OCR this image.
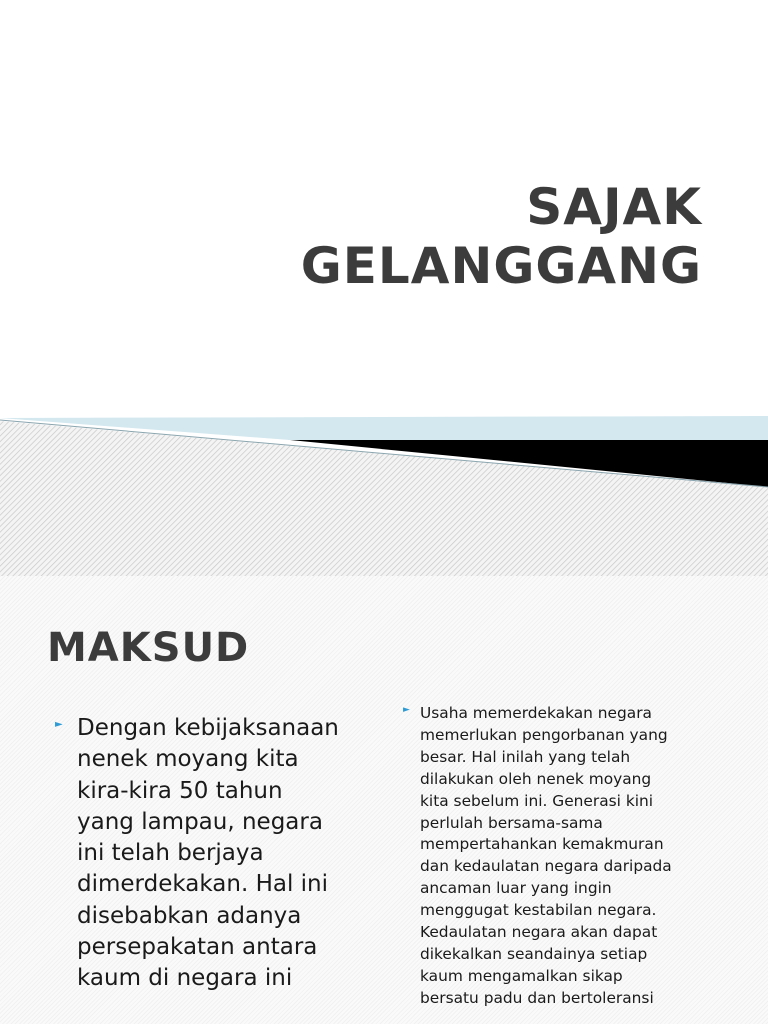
SAJAK
GELANGGANG
MAKSUD
► Dengan kebijaksanaan
nenek moyang kita
kira-kira 50 tahun
yang lampau, negara
ini telah berjaya
dimerdekakan. Hal ini
disebabkan adanya
persepakatan antara
kaum di negara ini
► Usaha memerdekakan negara
memerlukan pengorbanan yang
besar. Hal inilah yang telah
dilakukan oleh nenek moyang
kita sebelum ini. Generasi kini
perlulah bersama-sama
mempertahankan kemakmuran
dan kedaulatan negara daripada
ancaman luar yang ingin
menggugat kestabilan negara.
Kedaulatan negara akan dapat
dikekalkan seandainya setiap
kaum mengamalkan sikap
bersatu padu dan bertoleransi
